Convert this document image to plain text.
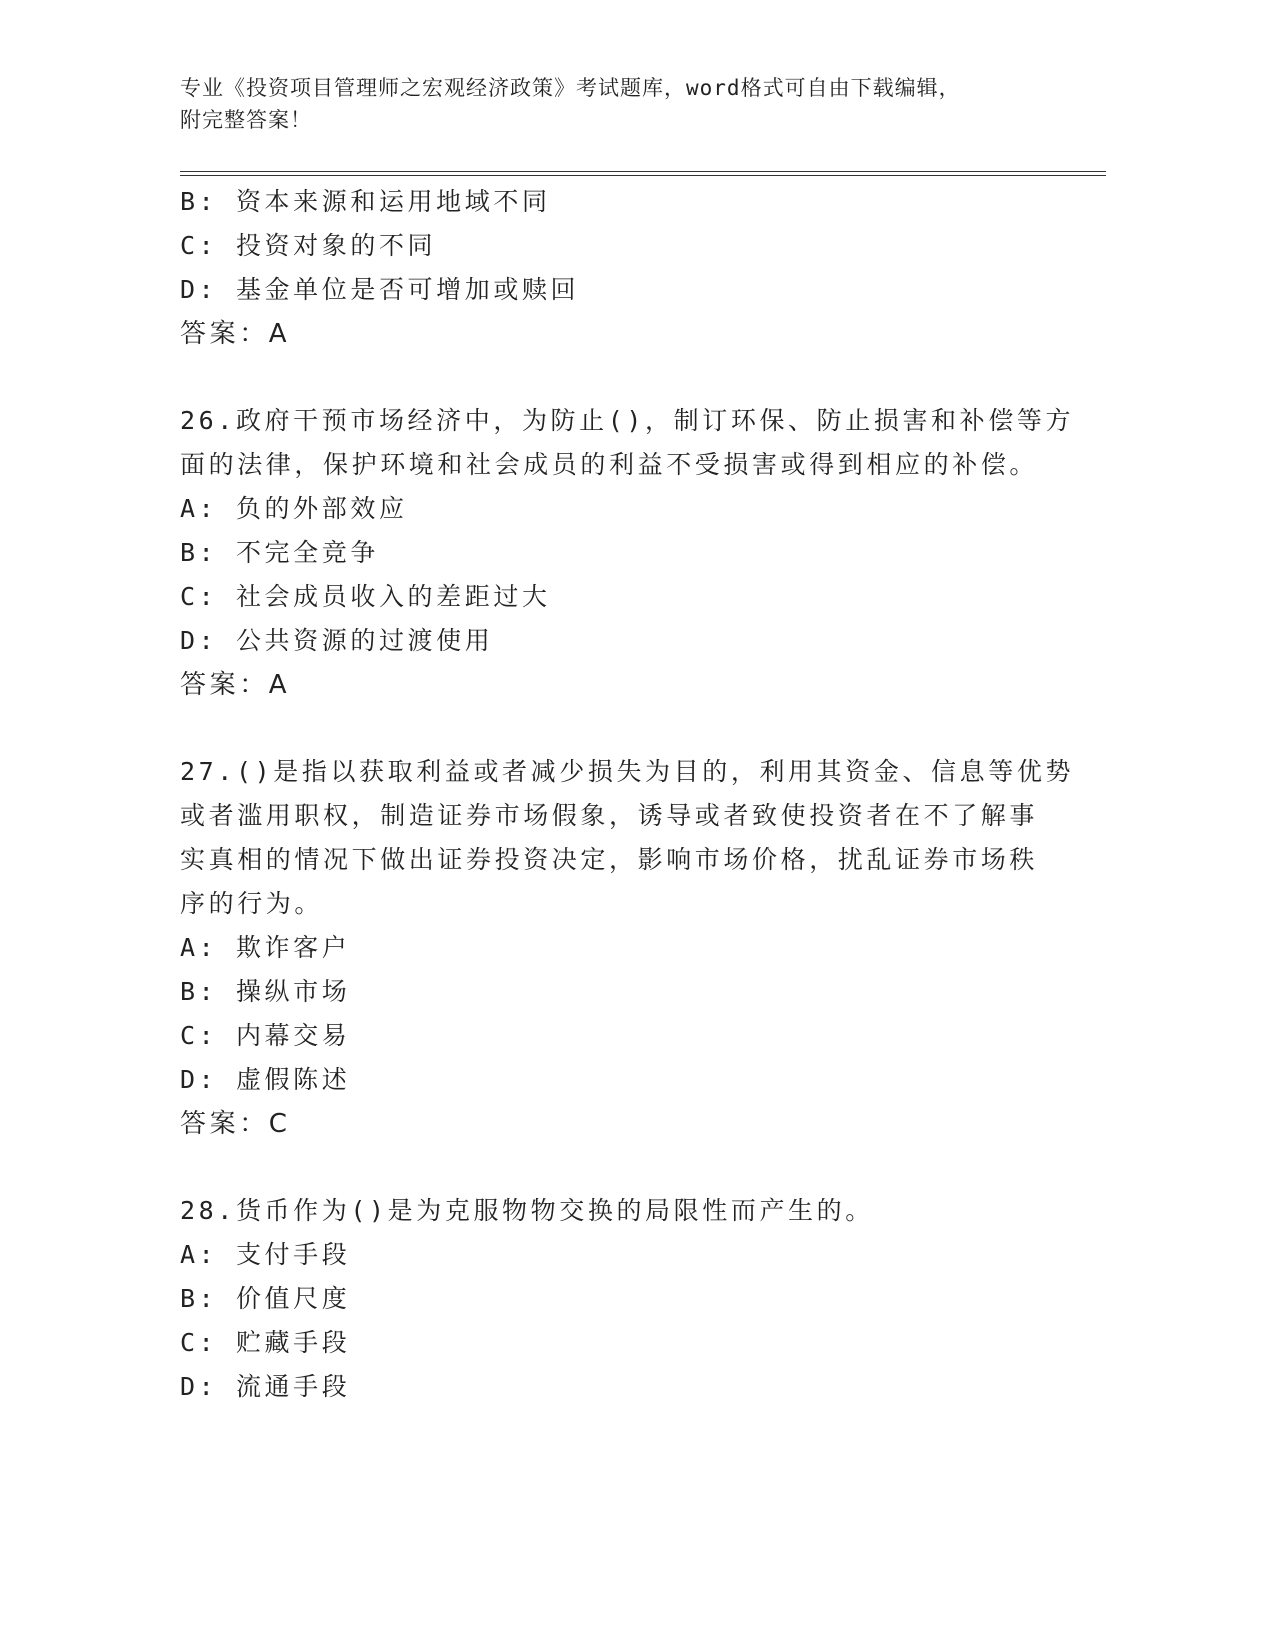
专业《投资项目管理师之宏观经济政策》考试题库，word格式可自由下载编辑，
附完整答案！
B: 资本来源和运用地域不同
C: 投资对象的不同
D: 基金单位是否可增加或赎回
答案：A
26.政府干预市场经济中，为防止()，制订环保、防止损害和补偿等方
面的法律，保护环境和社会成员的利益不受损害或得到相应的补偿。
A: 负的外部效应
B: 不完全竞争
C: 社会成员收入的差距过大
D: 公共资源的过渡使用
答案：A
27.()是指以获取利益或者减少损失为目的，利用其资金、信息等优势
或者滥用职权，制造证券市场假象，诱导或者致使投资者在不了解事
实真相的情况下做出证券投资决定，影响市场价格，扰乱证券市场秩
序的行为。
A: 欺诈客户
B: 操纵市场
C: 内幕交易
D: 虚假陈述
答案：C
28.货币作为()是为克服物物交换的局限性而产生的。
A: 支付手段
B: 价值尺度
C: 贮藏手段
D: 流通手段
